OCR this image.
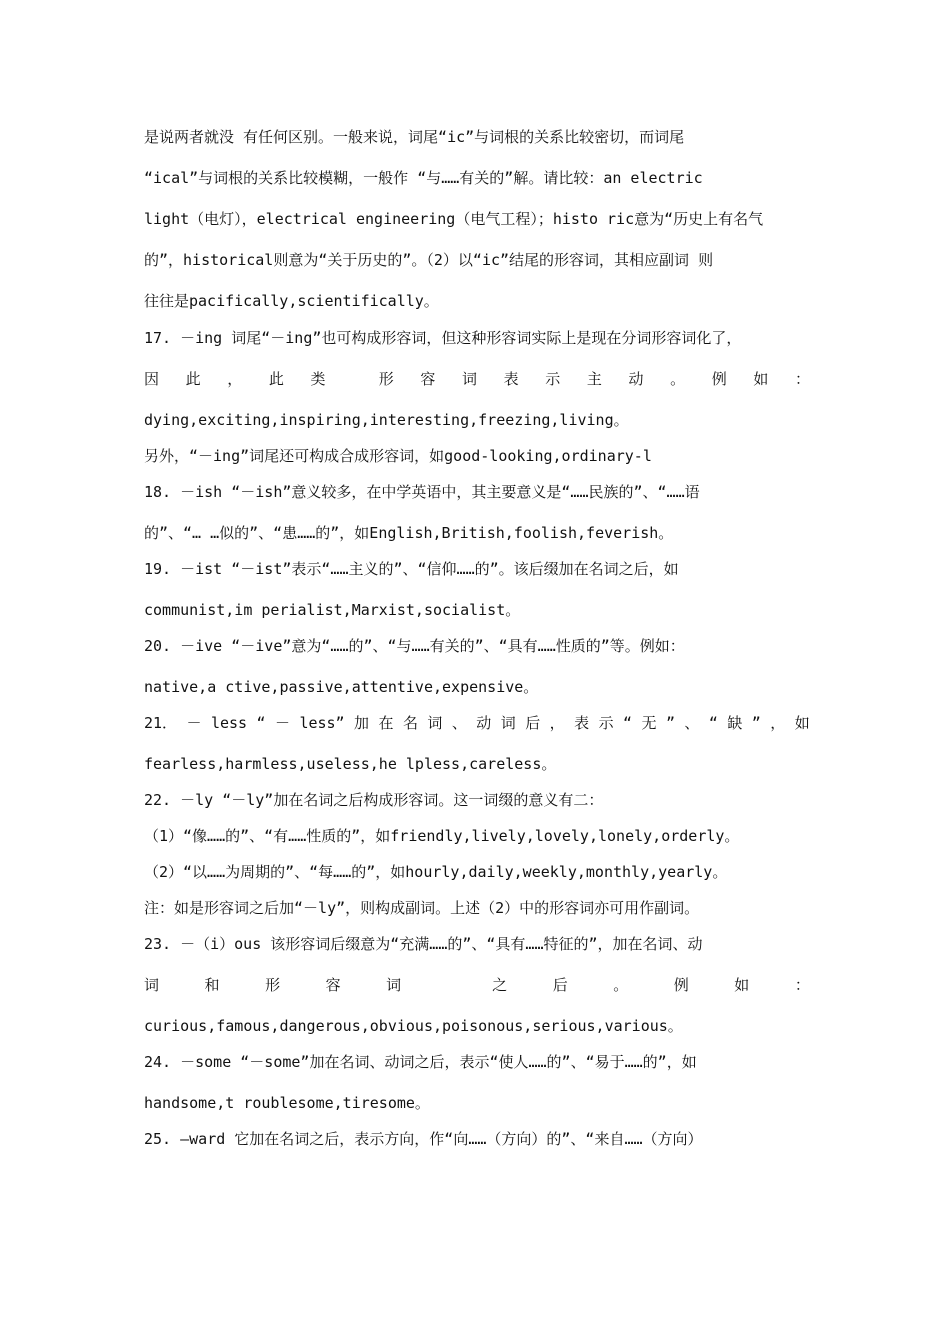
是说两者就没 有任何区别。一般来说，词尾“ic”与词根的关系比较密切，而词尾
“ical”与词根的关系比较模糊，一般作 “与……有关的”解。请比较：an electric
light（电灯），electrical engineering（电气工程）；histo ric意为“历史上有名气
的”，historical则意为“关于历史的”。（2）以“ic”结尾的形容词，其相应副词 则
往往是pacifically,scientifically。
17. －ing 词尾“－ing”也可构成形容词，但这种形容词实际上是现在分词形容词化了，
因 此 ， 此 类	形 容 词 表 示 主 动 。 例 如 ：
dying,exciting,inspiring,interesting,freezing,living。
另外，“－ing”词尾还可构成合成形容词，如good-looking,ordinary-l
18. －ish “－ish”意义较多，在中学英语中，其主要意义是“……民族的”、“……语
的”、“… …似的”、“患……的”，如English,British,foolish,feverish。
19. －ist “－ist”表示“……主义的”、“信仰……的”。该后缀加在名词之后，如
communist,im perialist,Marxist,socialist。
20. －ive “－ive”意为“……的”、“与……有关的”、“具有……性质的”等。例如：
native,a ctive,passive,attentive,expensive。
21． － less “ － less” 加 在 名 词 、 动 词 后 ， 表 示 “ 无 ” 、 “ 缺 ” ， 如
fearless,harmless,useless,he lpless,careless。
22. －ly “－ly”加在名词之后构成形容词。这一词缀的意义有二：
（1）“像……的”、“有……性质的”，如friendly,lively,lovely,lonely,orderly。
（2）“以……为周期的”、“每……的”，如hourly,daily,weekly,monthly,yearly。
注：如是形容词之后加“－ly”，则构成副词。上述（2）中的形容词亦可用作副词。
23. －（i）ous 该形容词后缀意为“充满……的”、“具有……特征的”，加在名词、动
词	和	形	容	词	之	后	。	例	如	：
curious,famous,dangerous,obvious,poisonous,serious,various。
24. －some “－some”加在名词、动词之后，表示“使人……的”、“易于……的”，如
handsome,t roublesome,tiresome。
25. —ward 它加在名词之后，表示方向，作“向……（方向）的”、“来自……（方向）
